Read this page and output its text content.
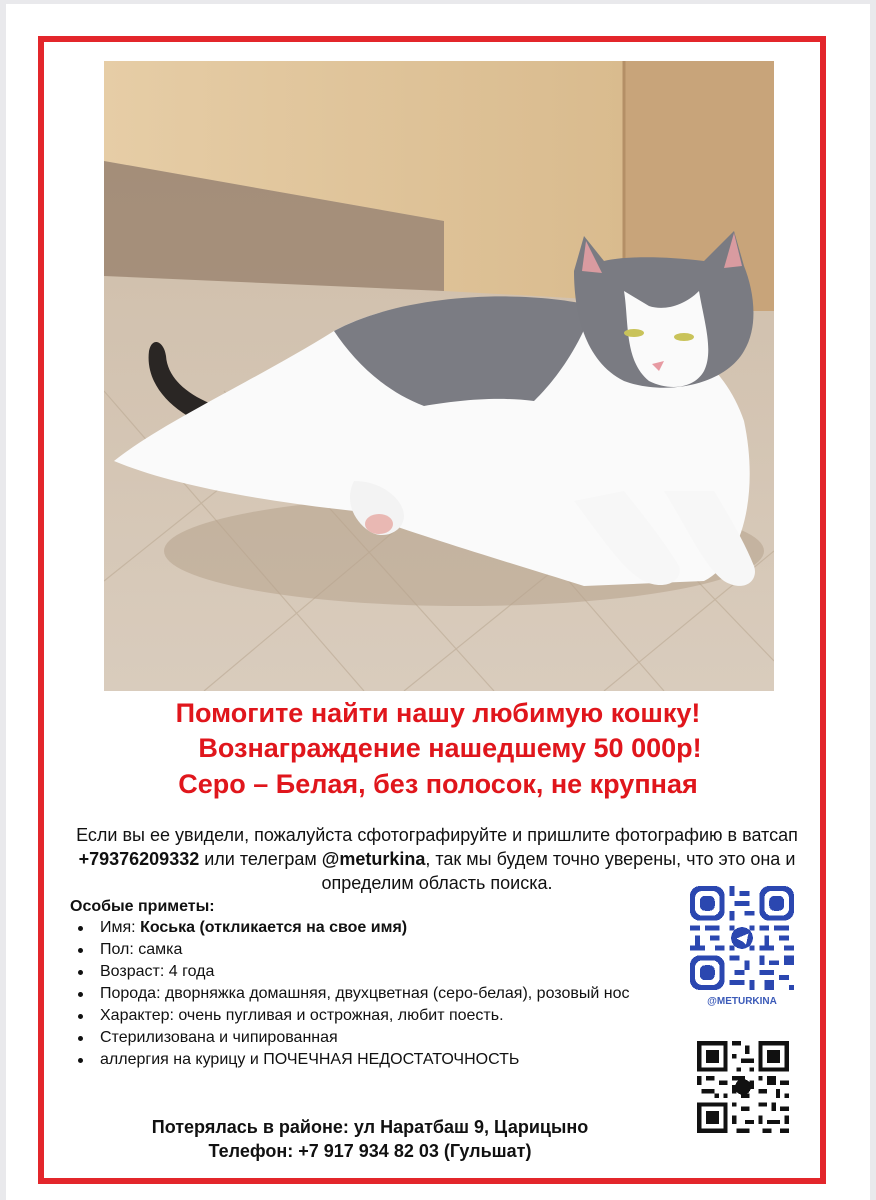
Помогите найти нашу любимую кошку!
Вознаграждение нашедшему 50 000р!
Серо – Белая, без полосок, не крупная
Если вы ее увидели, пожалуйста сфотографируйте и пришлите фотографию в ватсап +79376209332 или телеграм @meturkina, так мы будем точно уверены, что это она и определим область поиска.
Особые приметы:
Имя: Коська (откликается на свое имя)
Пол: самка
Возраст: 4 года
Порода: дворняжка домашняя, двухцветная (серо-белая), розовый нос
Характер: очень пугливая и острожная, любит поесть.
Стерилизована и чипированная
аллергия на курицу и ПОЧЕЧНАЯ НЕДОСТАТОЧНОСТЬ
Потерялась в районе: ул Наратбаш 9, Царицыно
Телефон: +7 917 934 82 03 (Гульшат)
@METURKINA
